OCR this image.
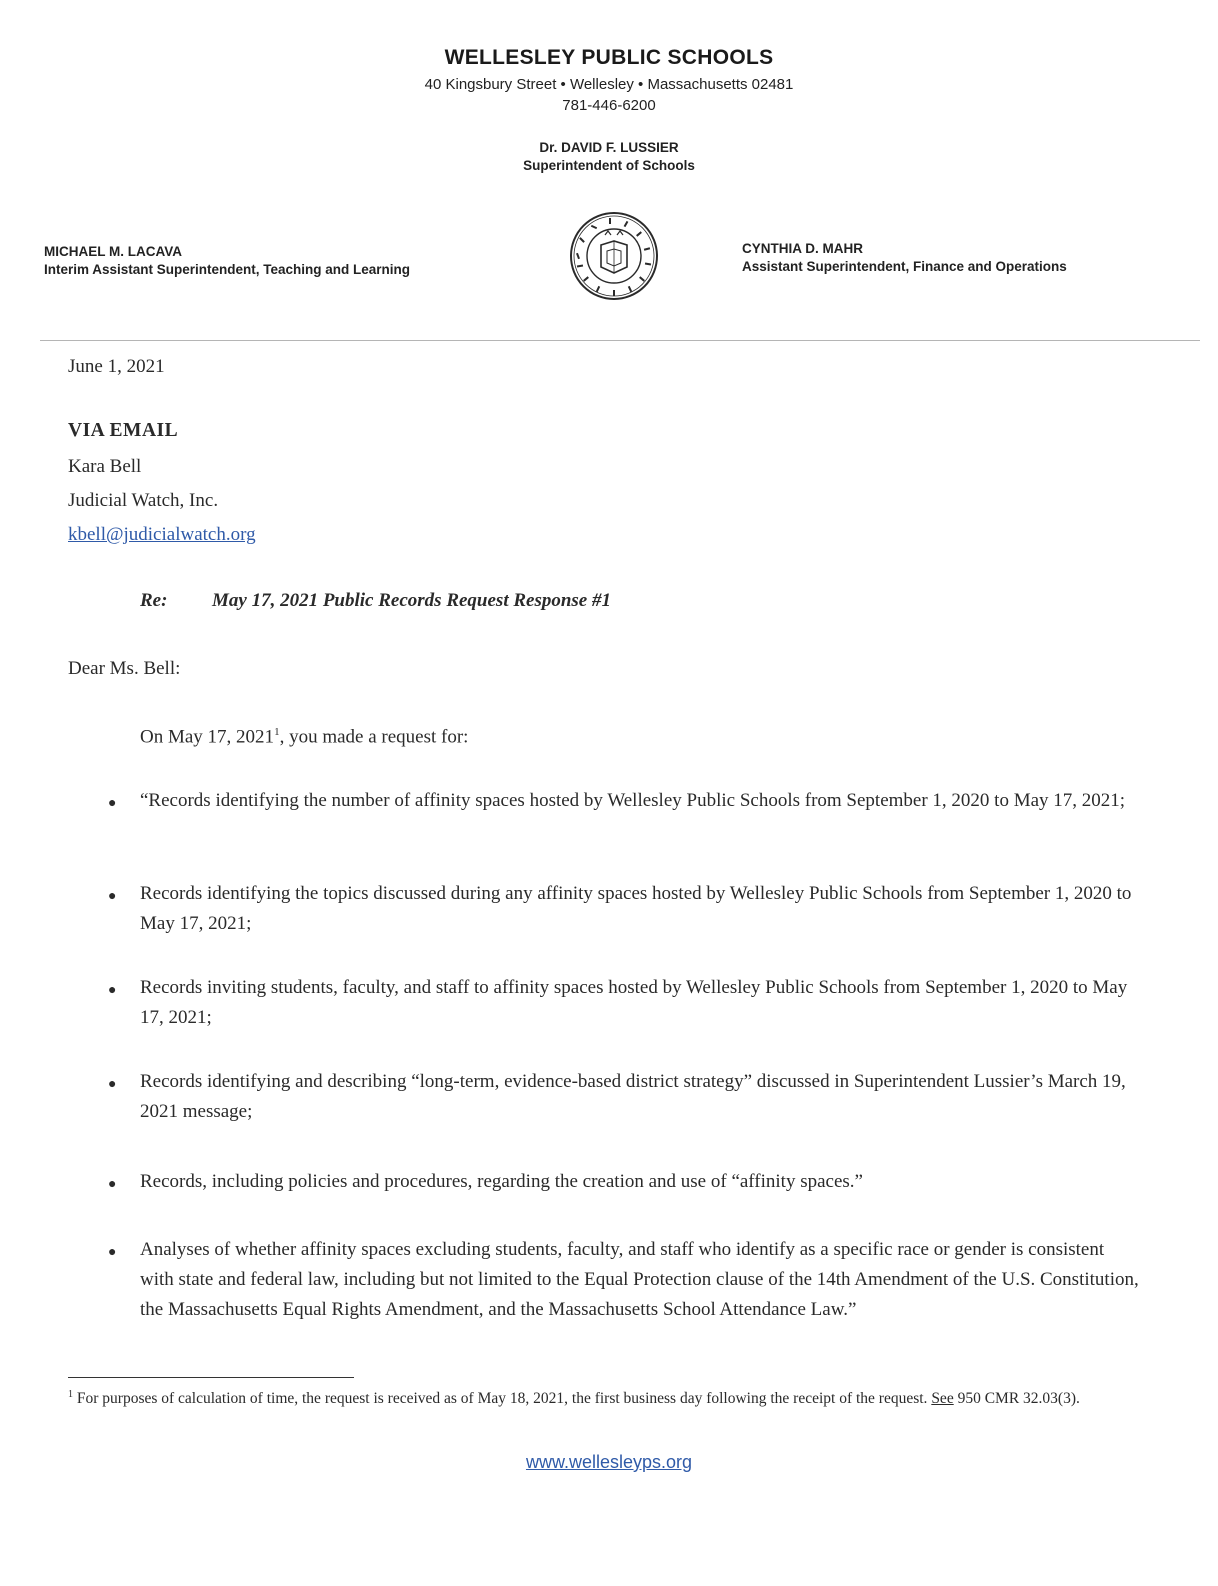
WELLESLEY PUBLIC SCHOOLS
40 Kingsbury Street • Wellesley • Massachusetts 02481
781-446-6200
Dr. DAVID F. LUSSIER
Superintendent of Schools
MICHAEL M. LACAVA
Interim Assistant Superintendent, Teaching and Learning
CYNTHIA D. MAHR
Assistant Superintendent, Finance and Operations
June 1, 2021
VIA EMAIL
Kara Bell
Judicial Watch, Inc.
kbell@judicialwatch.org
Re: May 17, 2021 Public Records Request Response #1
Dear Ms. Bell:
On May 17, 2021$^1$, you made a request for:
● “Records identifying the number of affinity spaces hosted by Wellesley Public Schools from September 1, 2020 to May 17, 2021;
● Records identifying the topics discussed during any affinity spaces hosted by Wellesley Public Schools from September 1, 2020 to May 17, 2021;
● Records inviting students, faculty, and staff to affinity spaces hosted by Wellesley Public Schools from September 1, 2020 to May 17, 2021;
● Records identifying and describing “long-term, evidence-based district strategy” discussed in Superintendent Lussier’s March 19, 2021 message;
● Records, including policies and procedures, regarding the creation and use of “affinity spaces.”
● Analyses of whether affinity spaces excluding students, faculty, and staff who identify as a specific race or gender is consistent with state and federal law, including but not limited to the Equal Protection clause of the 14th Amendment of the U.S. Constitution, the Massachusetts Equal Rights Amendment, and the Massachusetts School Attendance Law.”
$^1$ For purposes of calculation of time, the request is received as of May 18, 2021, the first business day following the receipt of the request. See 950 CMR 32.03(3).
www.wellesleyps.org
